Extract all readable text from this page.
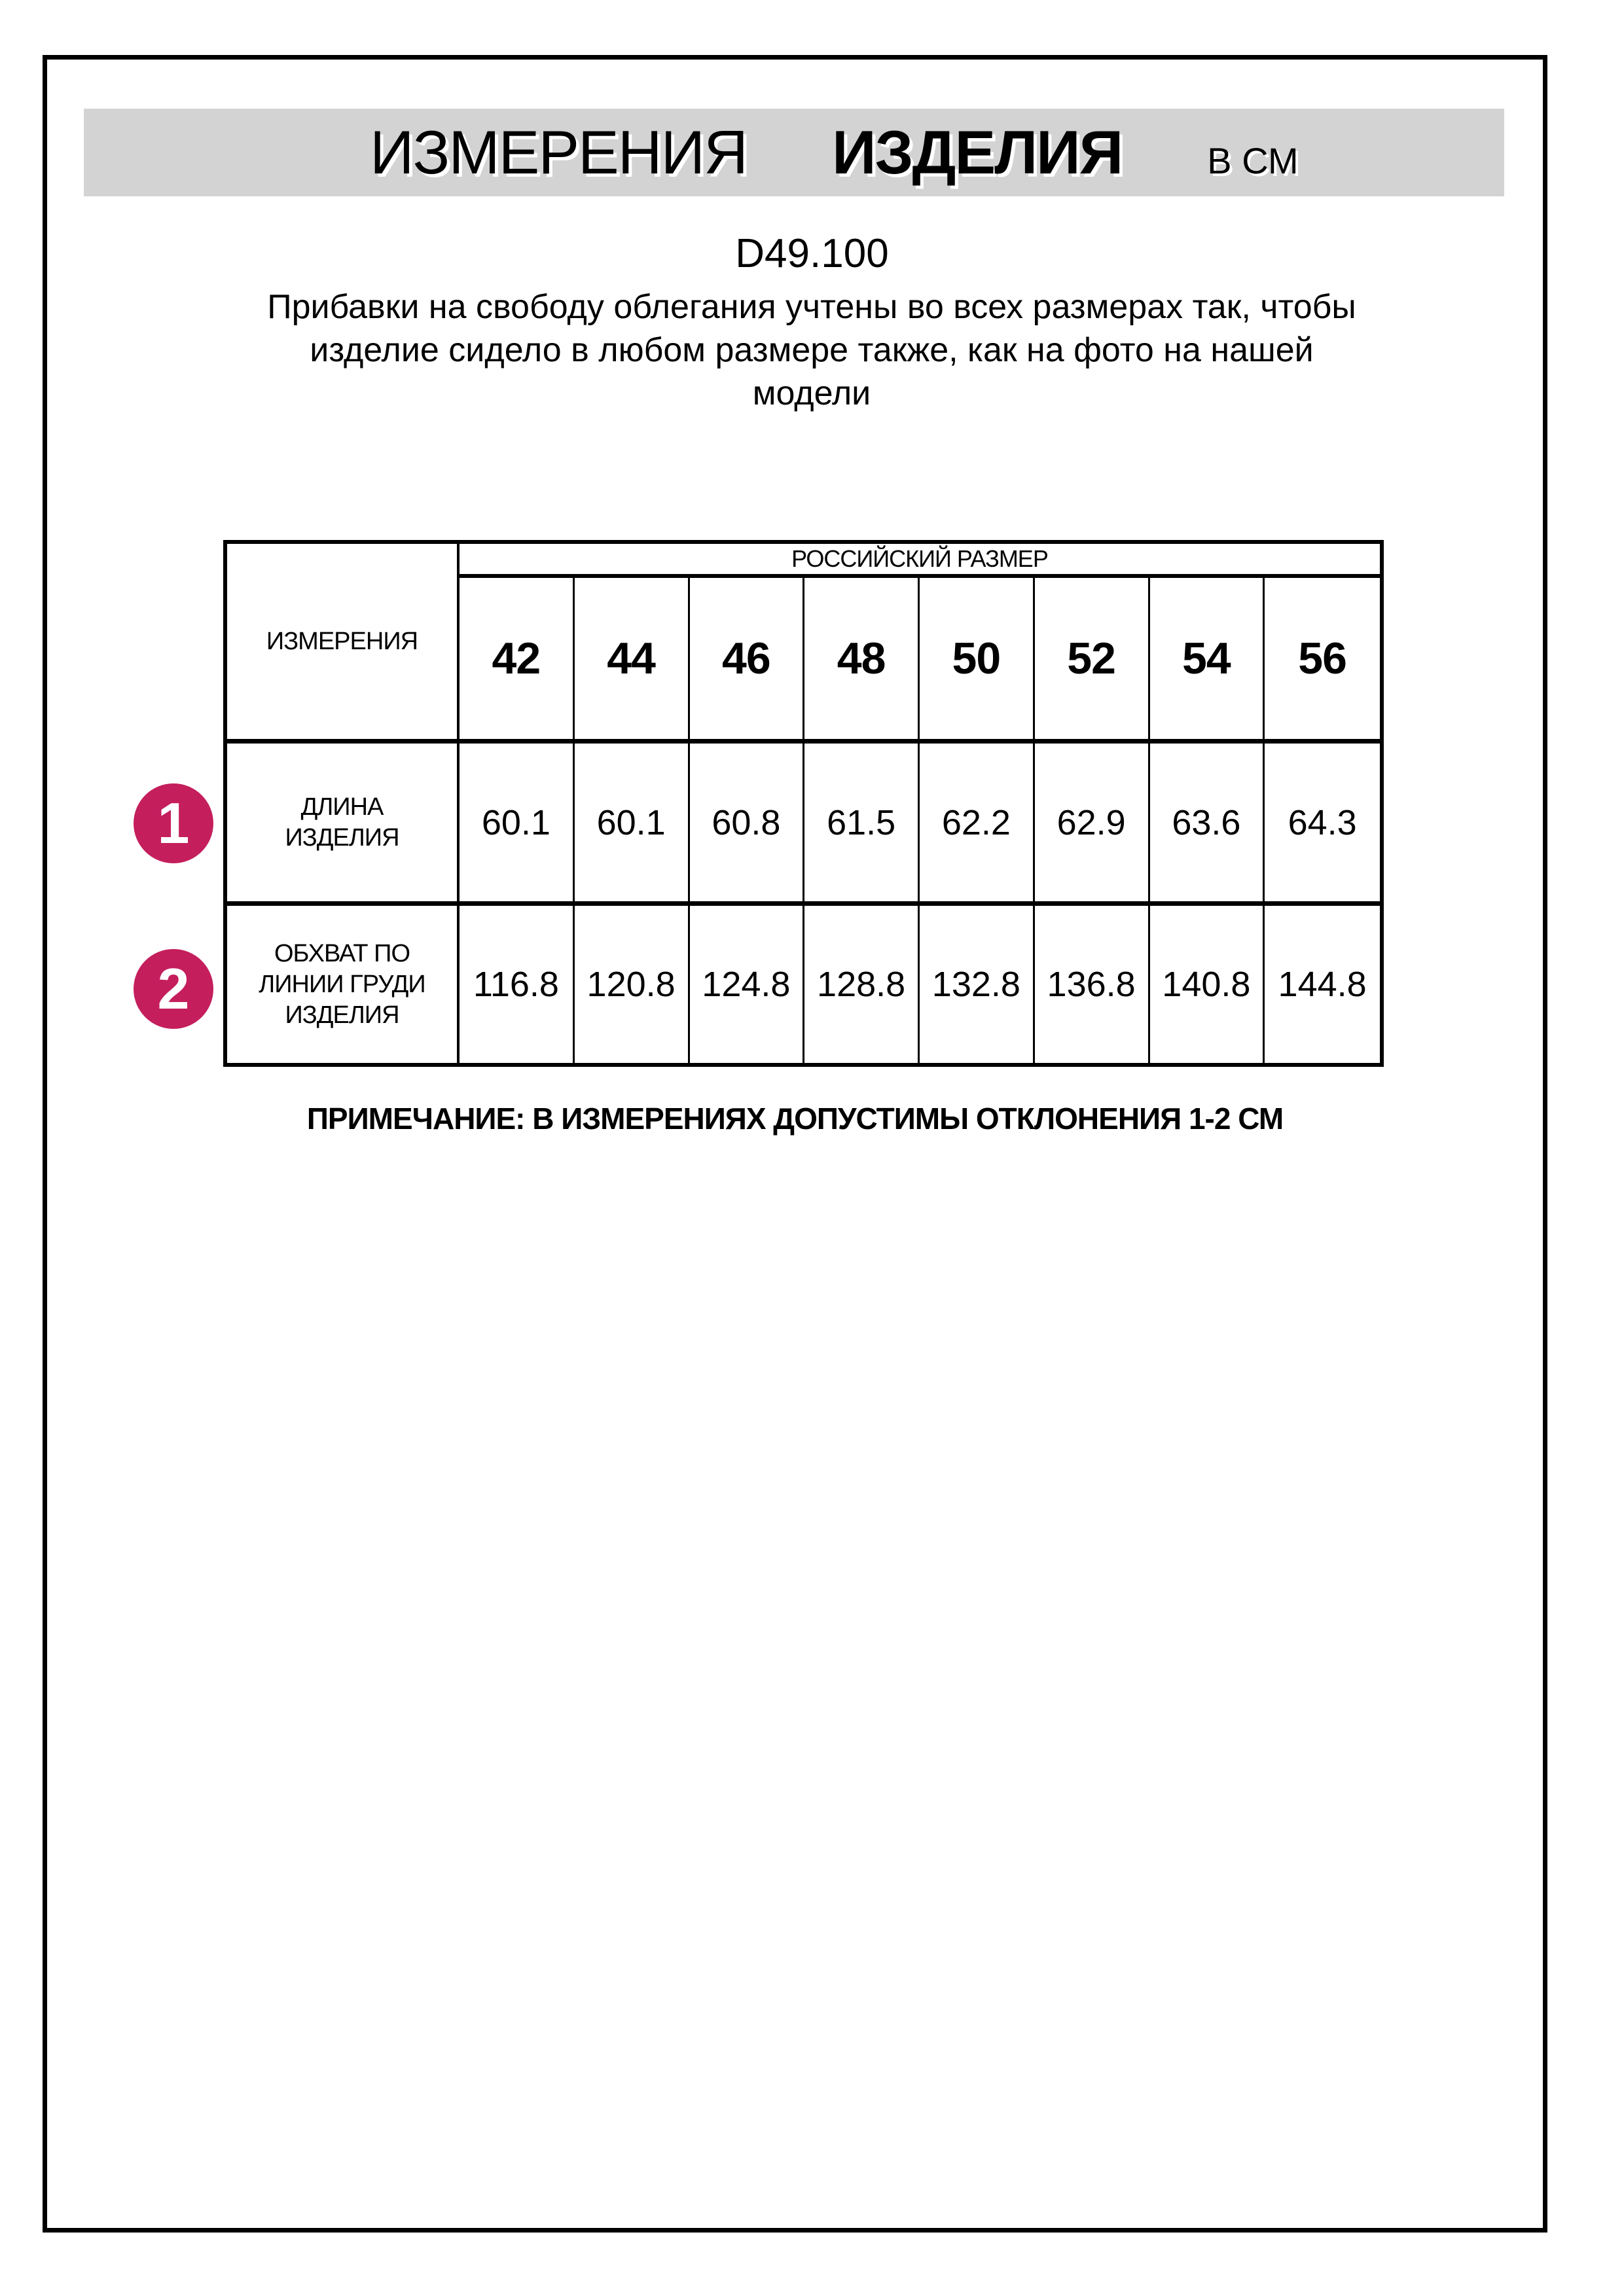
ИЗМЕРЕНИЯ ИЗДЕЛИЯ В СМ
D49.100
Прибавки на свободу облегания учтены во всех размерах так, чтобы
изделие сидело в любом размере также, как на фото на нашей
модели
ИЗМЕРЕНИЯ
РОССИЙСКИЙ РАЗМЕР
42	44	46	48	50	52	54	56
ДЛИНА
ИЗДЕЛИЯ	60.1	60.1	60.8	61.5	62.2	62.9	63.6	64.3
ОБХВАТ ПО
ЛИНИИ ГРУДИ
ИЗДЕЛИЯ
116.8 120.8 124.8 128.8 132.8 136.8 140.8 144.8
1
2
ПРИМЕЧАНИЕ: В ИЗМЕРЕНИЯХ ДОПУСТИМЫ ОТКЛОНЕНИЯ 1-2 СМ
